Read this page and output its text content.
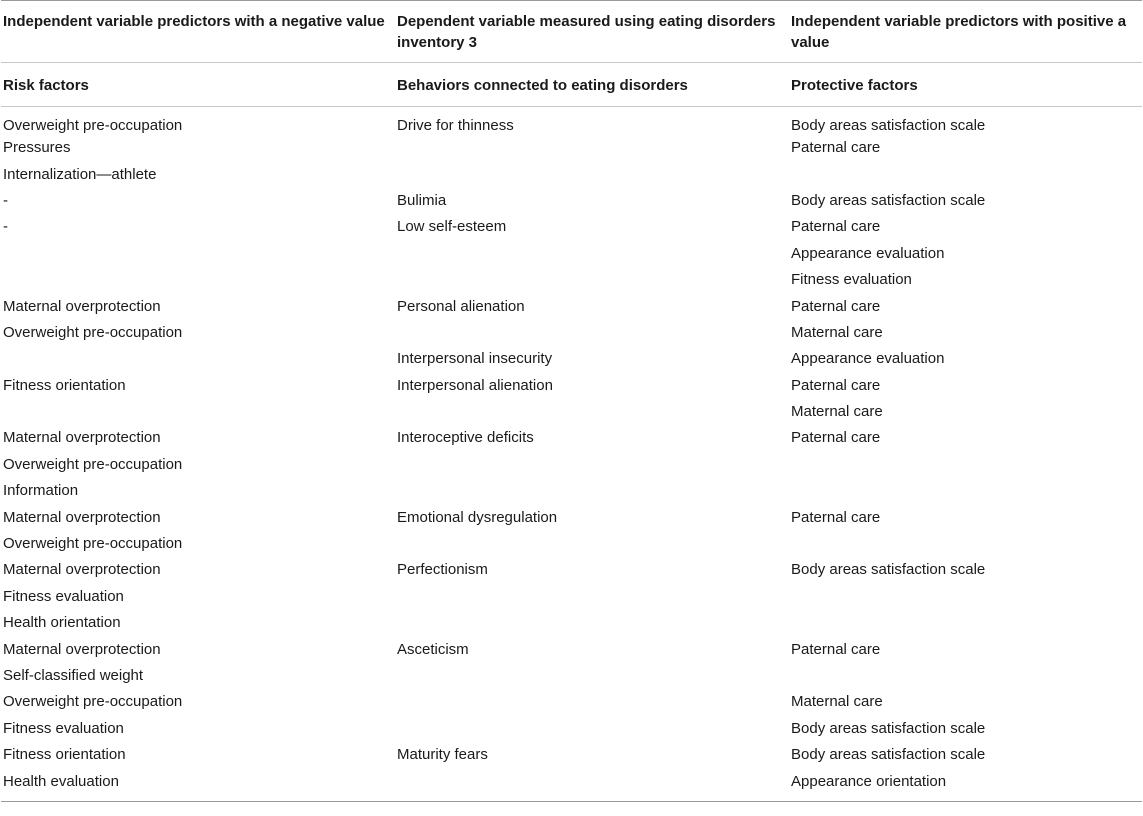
Independent variable predictors with a negative value	Dependent variable measured using eating disorders inventory 3	Independent variable predictors with positive a value
Risk factors	Behaviors connected to eating disorders	Protective factors
Overweight pre-occupation	Drive for thinness	Body areas satisfaction scale
Pressures		Paternal care
Internalization—athlete		
-	Bulimia	Body areas satisfaction scale
-	Low self-esteem	Paternal care
		Appearance evaluation
		Fitness evaluation
Maternal overprotection	Personal alienation	Paternal care
Overweight pre-occupation		Maternal care
	Interpersonal insecurity	Appearance evaluation
Fitness orientation	Interpersonal alienation	Paternal care
		Maternal care
Maternal overprotection	Interoceptive deficits	Paternal care
Overweight pre-occupation		
Information		
Maternal overprotection	Emotional dysregulation	Paternal care
Overweight pre-occupation		
Maternal overprotection	Perfectionism	Body areas satisfaction scale
Fitness evaluation		
Health orientation		
Maternal overprotection	Asceticism	Paternal care
Self-classified weight		
Overweight pre-occupation		Maternal care
Fitness evaluation		Body areas satisfaction scale
Fitness orientation	Maturity fears	Body areas satisfaction scale
Health evaluation		Appearance orientation
